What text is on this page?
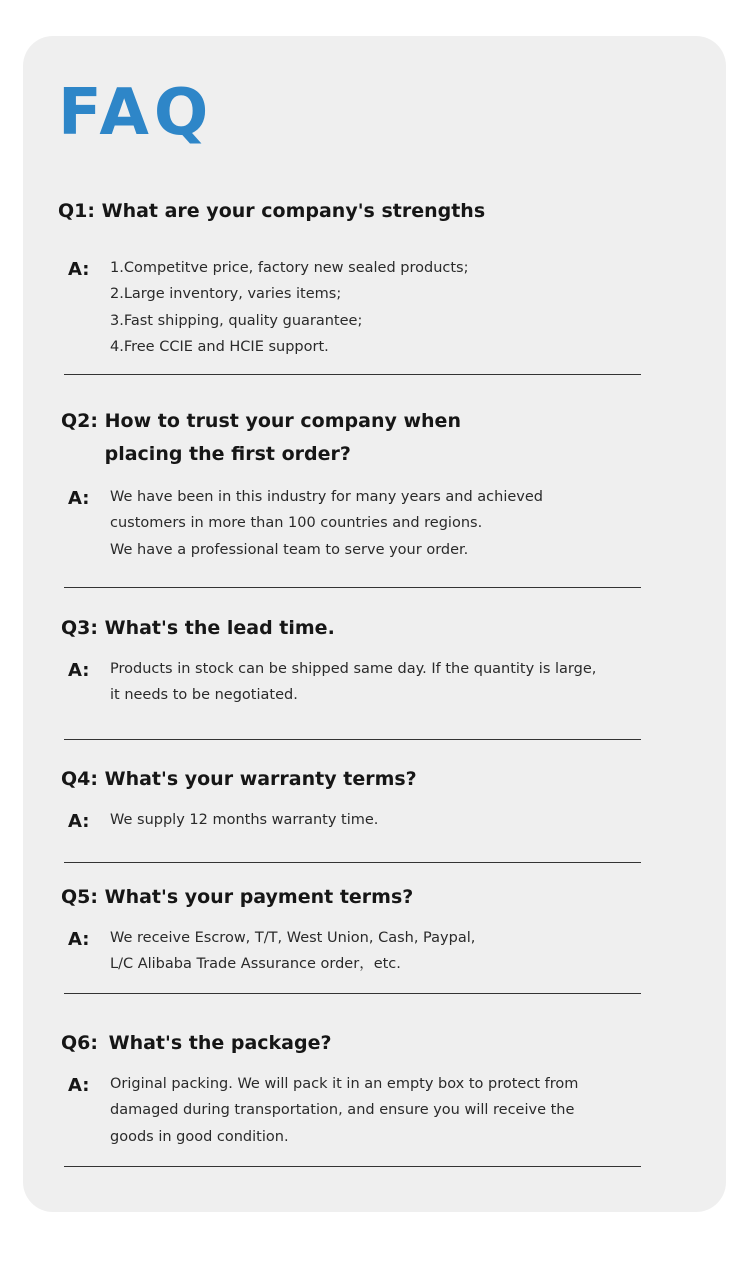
FAQ
Q1: What are your company's strengths
A: 1.Competitve price, factory new sealed products;
2.Large inventory, varies items;
3.Fast shipping, quality guarantee;
4.Free CCIE and HCIE support.
Q2: How to trust your company when placing the first order?
A: We have been in this industry for many years and achieved
customers in more than 100 countries and regions.
We have a professional team to serve your order.
Q3: What's the lead time.
A: Products in stock can be shipped same day. If the quantity is large,
it needs to be negotiated.
Q4: What's your warranty terms?
A: We supply 12 months warranty time.
Q5: What's your payment terms?
A: We receive Escrow, T/T, West Union, Cash, Paypal,
L/C Alibaba Trade Assurance order，etc.
Q6: What's the package?
A: Original packing. We will pack it in an empty box to protect from
damaged during transportation, and ensure you will receive the
goods in good condition.
